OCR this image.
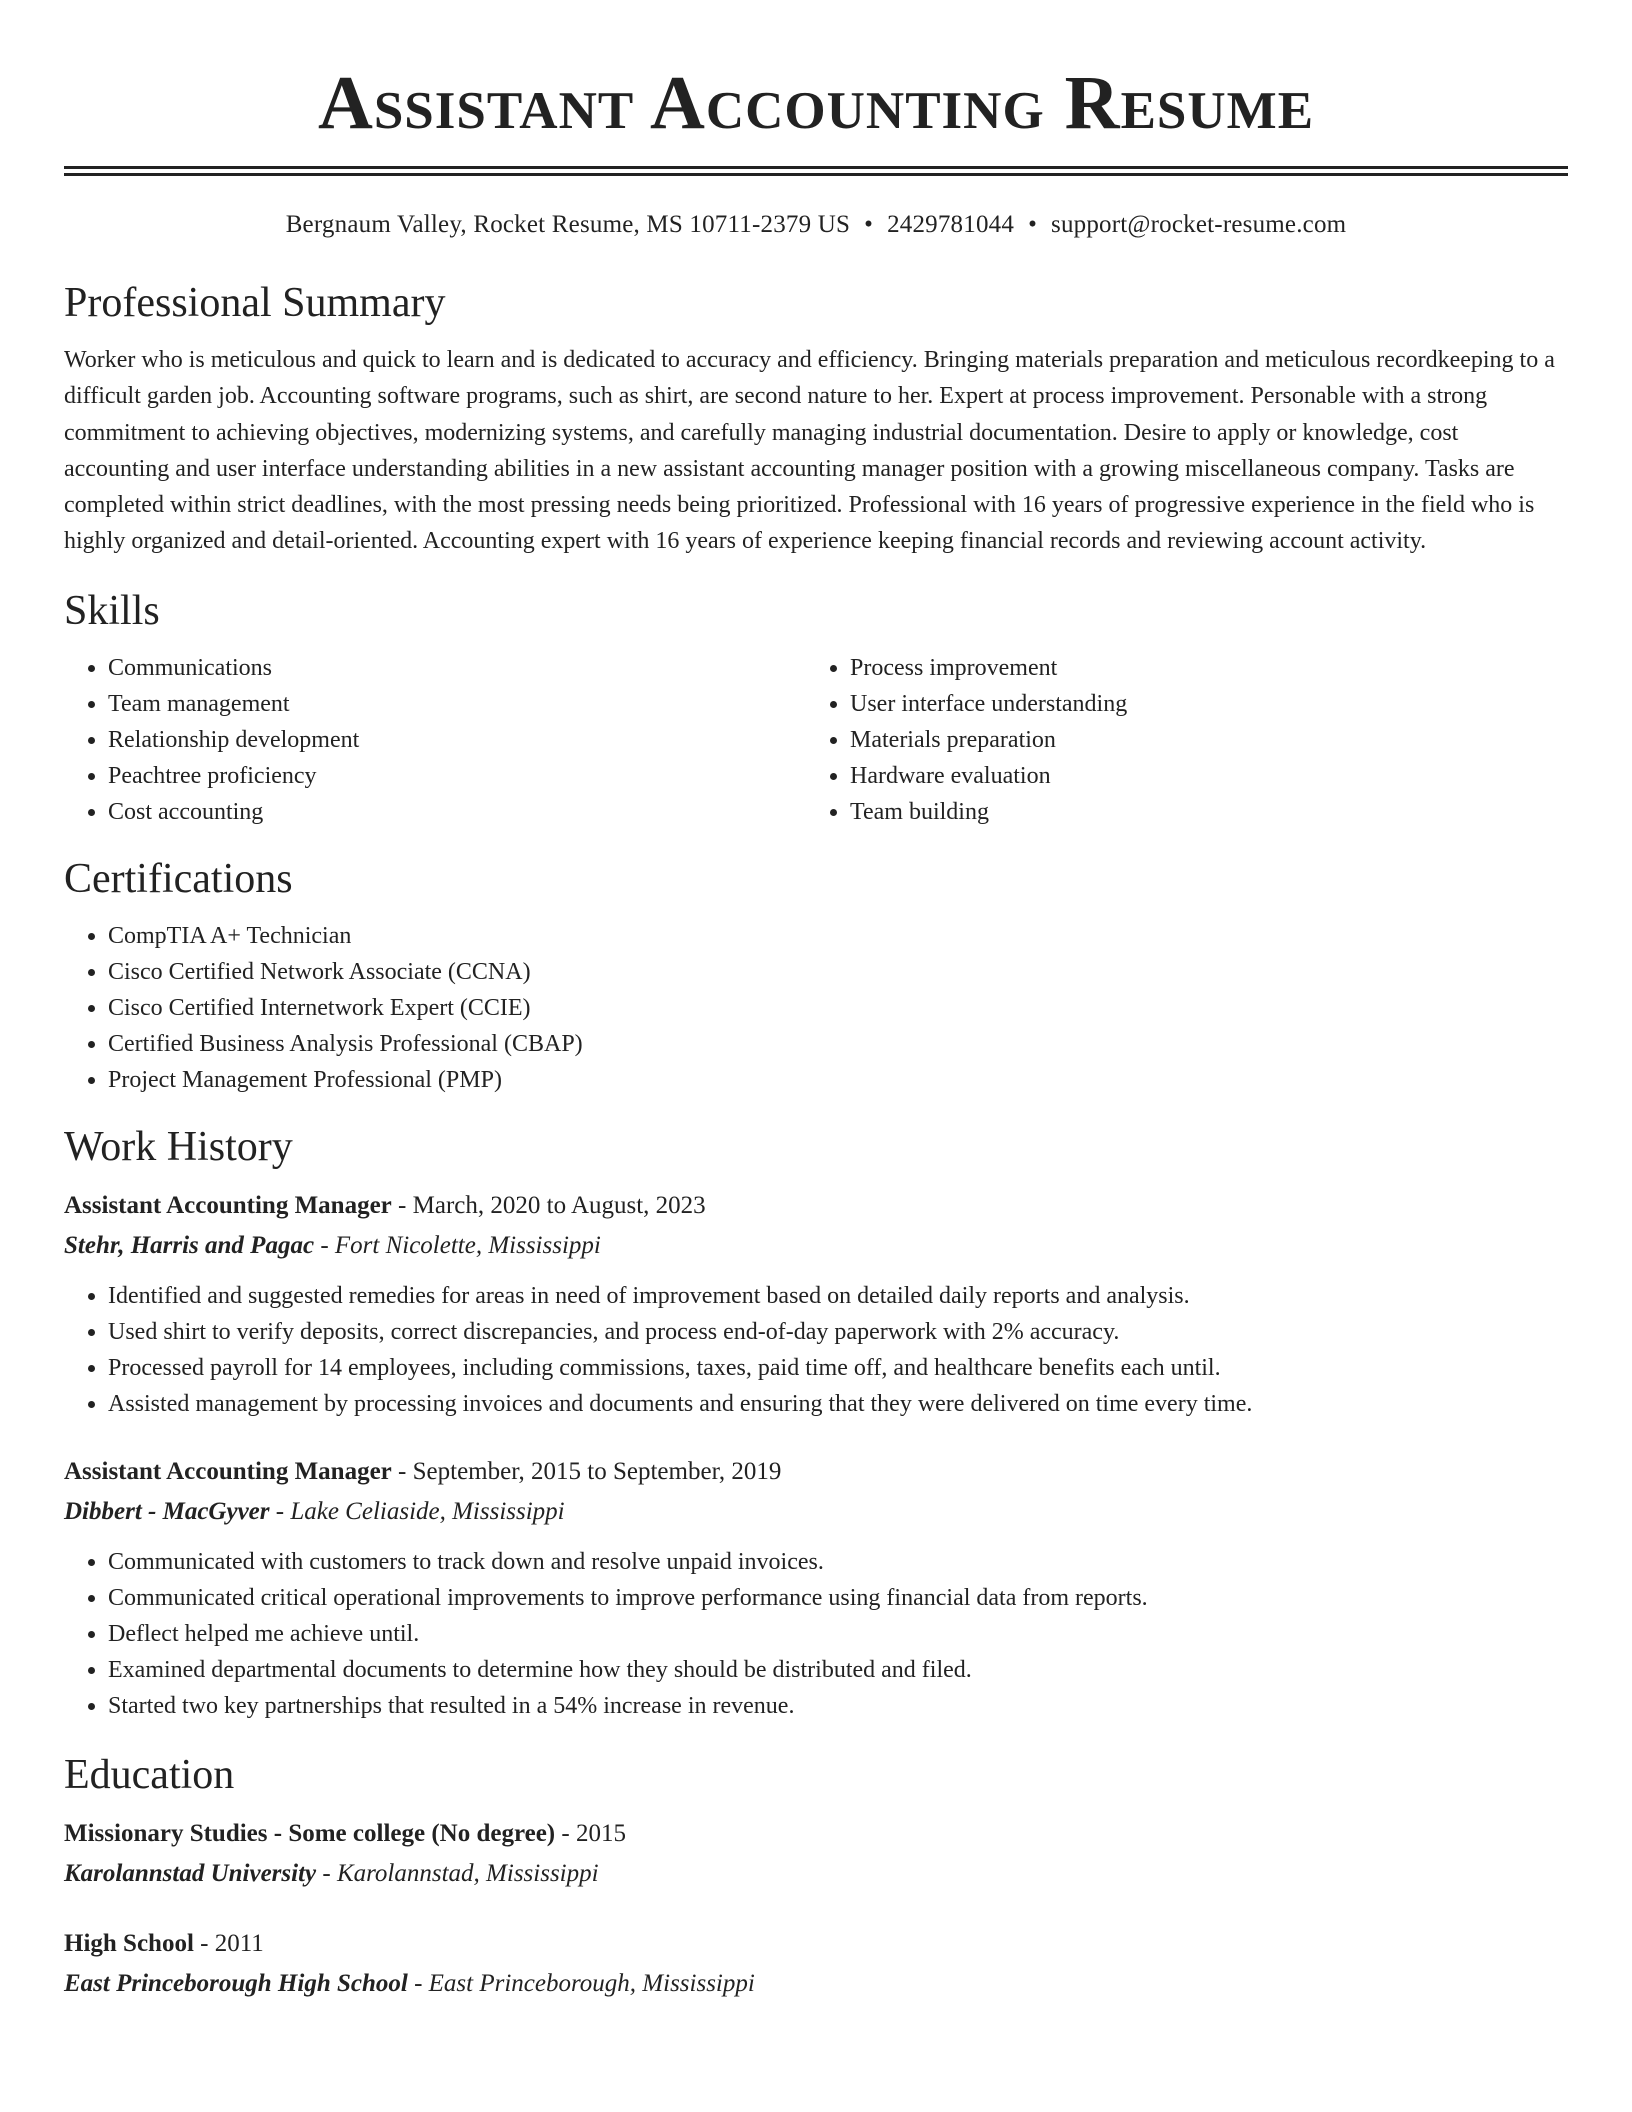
Assistant Accounting Resume
Bergnaum Valley, Rocket Resume, MS 10711-2379 US • 2429781044 • support@rocket-resume.com
Professional Summary

Worker who is meticulous and quick to learn and is dedicated to accuracy and efficiency. Bringing materials preparation and meticulous recordkeeping to a difficult garden job. Accounting software programs, such as shirt, are second nature to her. Expert at process improvement. Personable with a strong commitment to achieving objectives, modernizing systems, and carefully managing industrial documentation. Desire to apply or knowledge, cost accounting and user interface understanding abilities in a new assistant accounting manager position with a growing miscellaneous company. Tasks are completed within strict deadlines, with the most pressing needs being prioritized. Professional with 16 years of progressive experience in the field who is highly organized and detail-oriented. Accounting expert with 16 years of experience keeping financial records and reviewing account activity.

Skills
• Communications
• Team management
• Relationship development
• Peachtree proficiency
• Cost accounting
• Process improvement
• User interface understanding
• Materials preparation
• Hardware evaluation
• Team building
Certifications
• CompTIA A+ Technician
• Cisco Certified Network Associate (CCNA)
• Cisco Certified Internetwork Expert (CCIE)
• Certified Business Analysis Professional (CBAP)
• Project Management Professional (PMP)
Work History
Assistant Accounting Manager - March, 2020 to August, 2023
Stehr, Harris and Pagac - Fort Nicolette, Mississippi
• Identified and suggested remedies for areas in need of improvement based on detailed daily reports and analysis.
• Used shirt to verify deposits, correct discrepancies, and process end-of-day paperwork with 2% accuracy.
• Processed payroll for 14 employees, including commissions, taxes, paid time off, and healthcare benefits each until.
• Assisted management by processing invoices and documents and ensuring that they were delivered on time every time.
Assistant Accounting Manager - September, 2015 to September, 2019
Dibbert - MacGyver - Lake Celiaside, Mississippi
• Communicated with customers to track down and resolve unpaid invoices.
• Communicated critical operational improvements to improve performance using financial data from reports.
• Deflect helped me achieve until.
• Examined departmental documents to determine how they should be distributed and filed.
• Started two key partnerships that resulted in a 54% increase in revenue.
Education
Missionary Studies - Some college (No degree) - 2015
Karolannstad University - Karolannstad, Mississippi
High School - 2011
East Princeborough High School - East Princeborough, Mississippi
